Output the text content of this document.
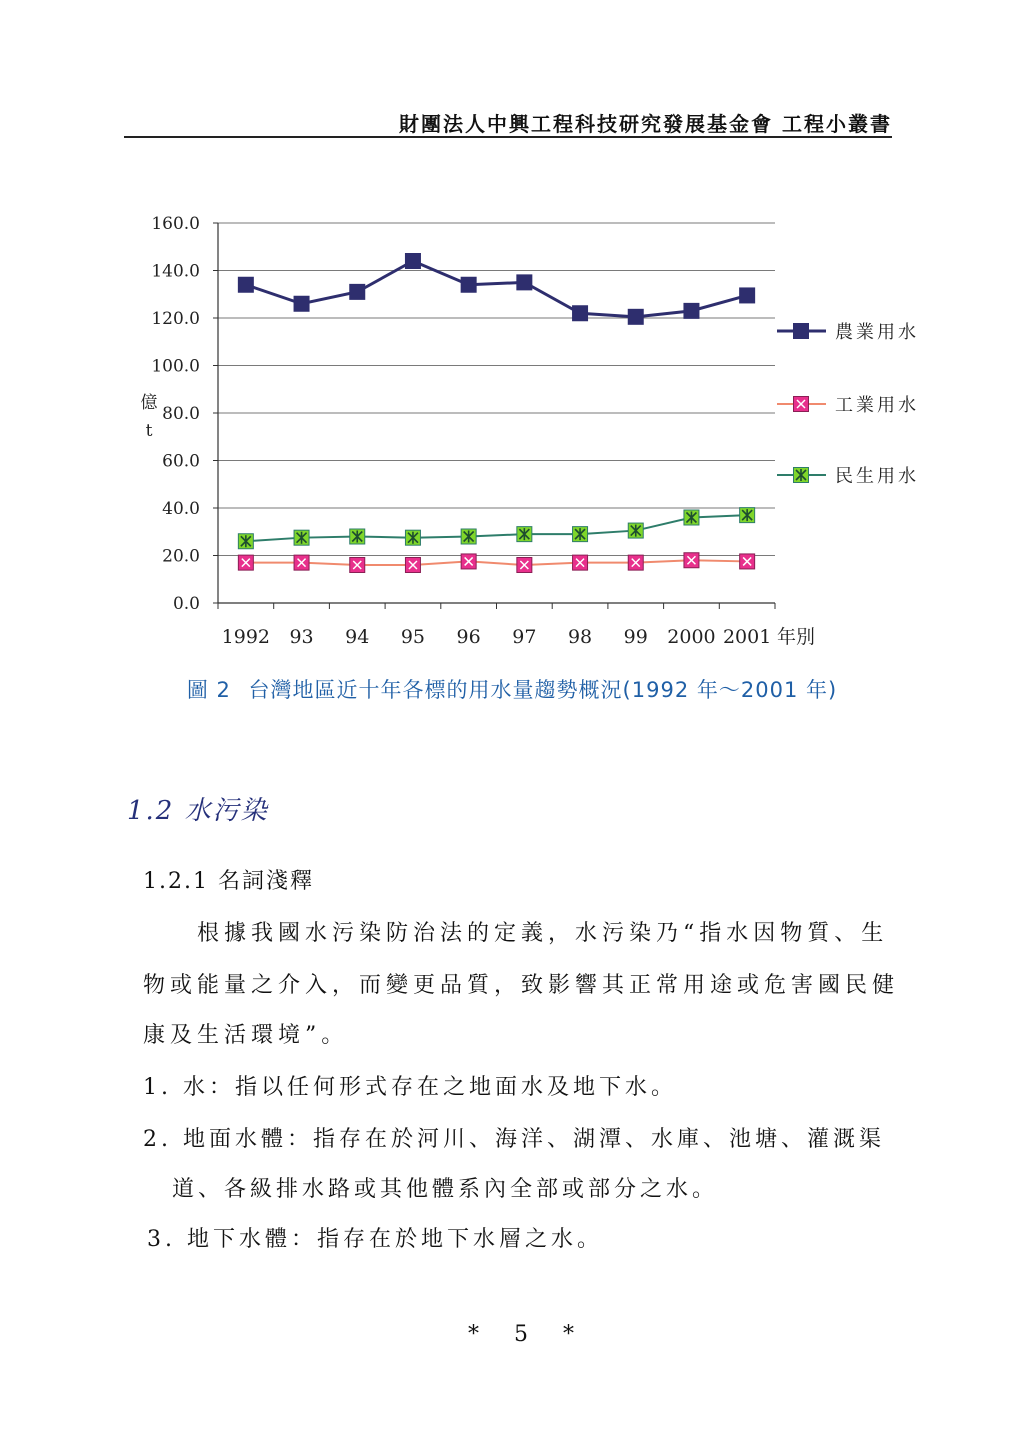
財團法人中興工程科技研究發展基金會 工程小叢書
0.0
20.0
40.0
60.0
80.0
100.0
120.0
140.0
160.0
1992 93 94 95 96 97 98 99 2000 2001 年別
億
t
農業用水
工業用水
民生用水
圖 2 台灣地區近十年各標的用水量趨勢概況(1992 年～2001 年)
1.2 水污染
1.2.1 名詞淺釋
根據我國水污染防治法的定義，水污染乃“指水因物質、生
物或能量之介入，而變更品質，致影響其正常用途或危害國民健
康及生活環境”。
1. 水：指以任何形式存在之地面水及地下水。
2. 地面水體：指存在於河川、海洋、湖潭、水庫、池塘、灌溉渠
道、各級排水路或其他體系內全部或部分之水。
3. 地下水體：指存在於地下水層之水。
* 5 *
